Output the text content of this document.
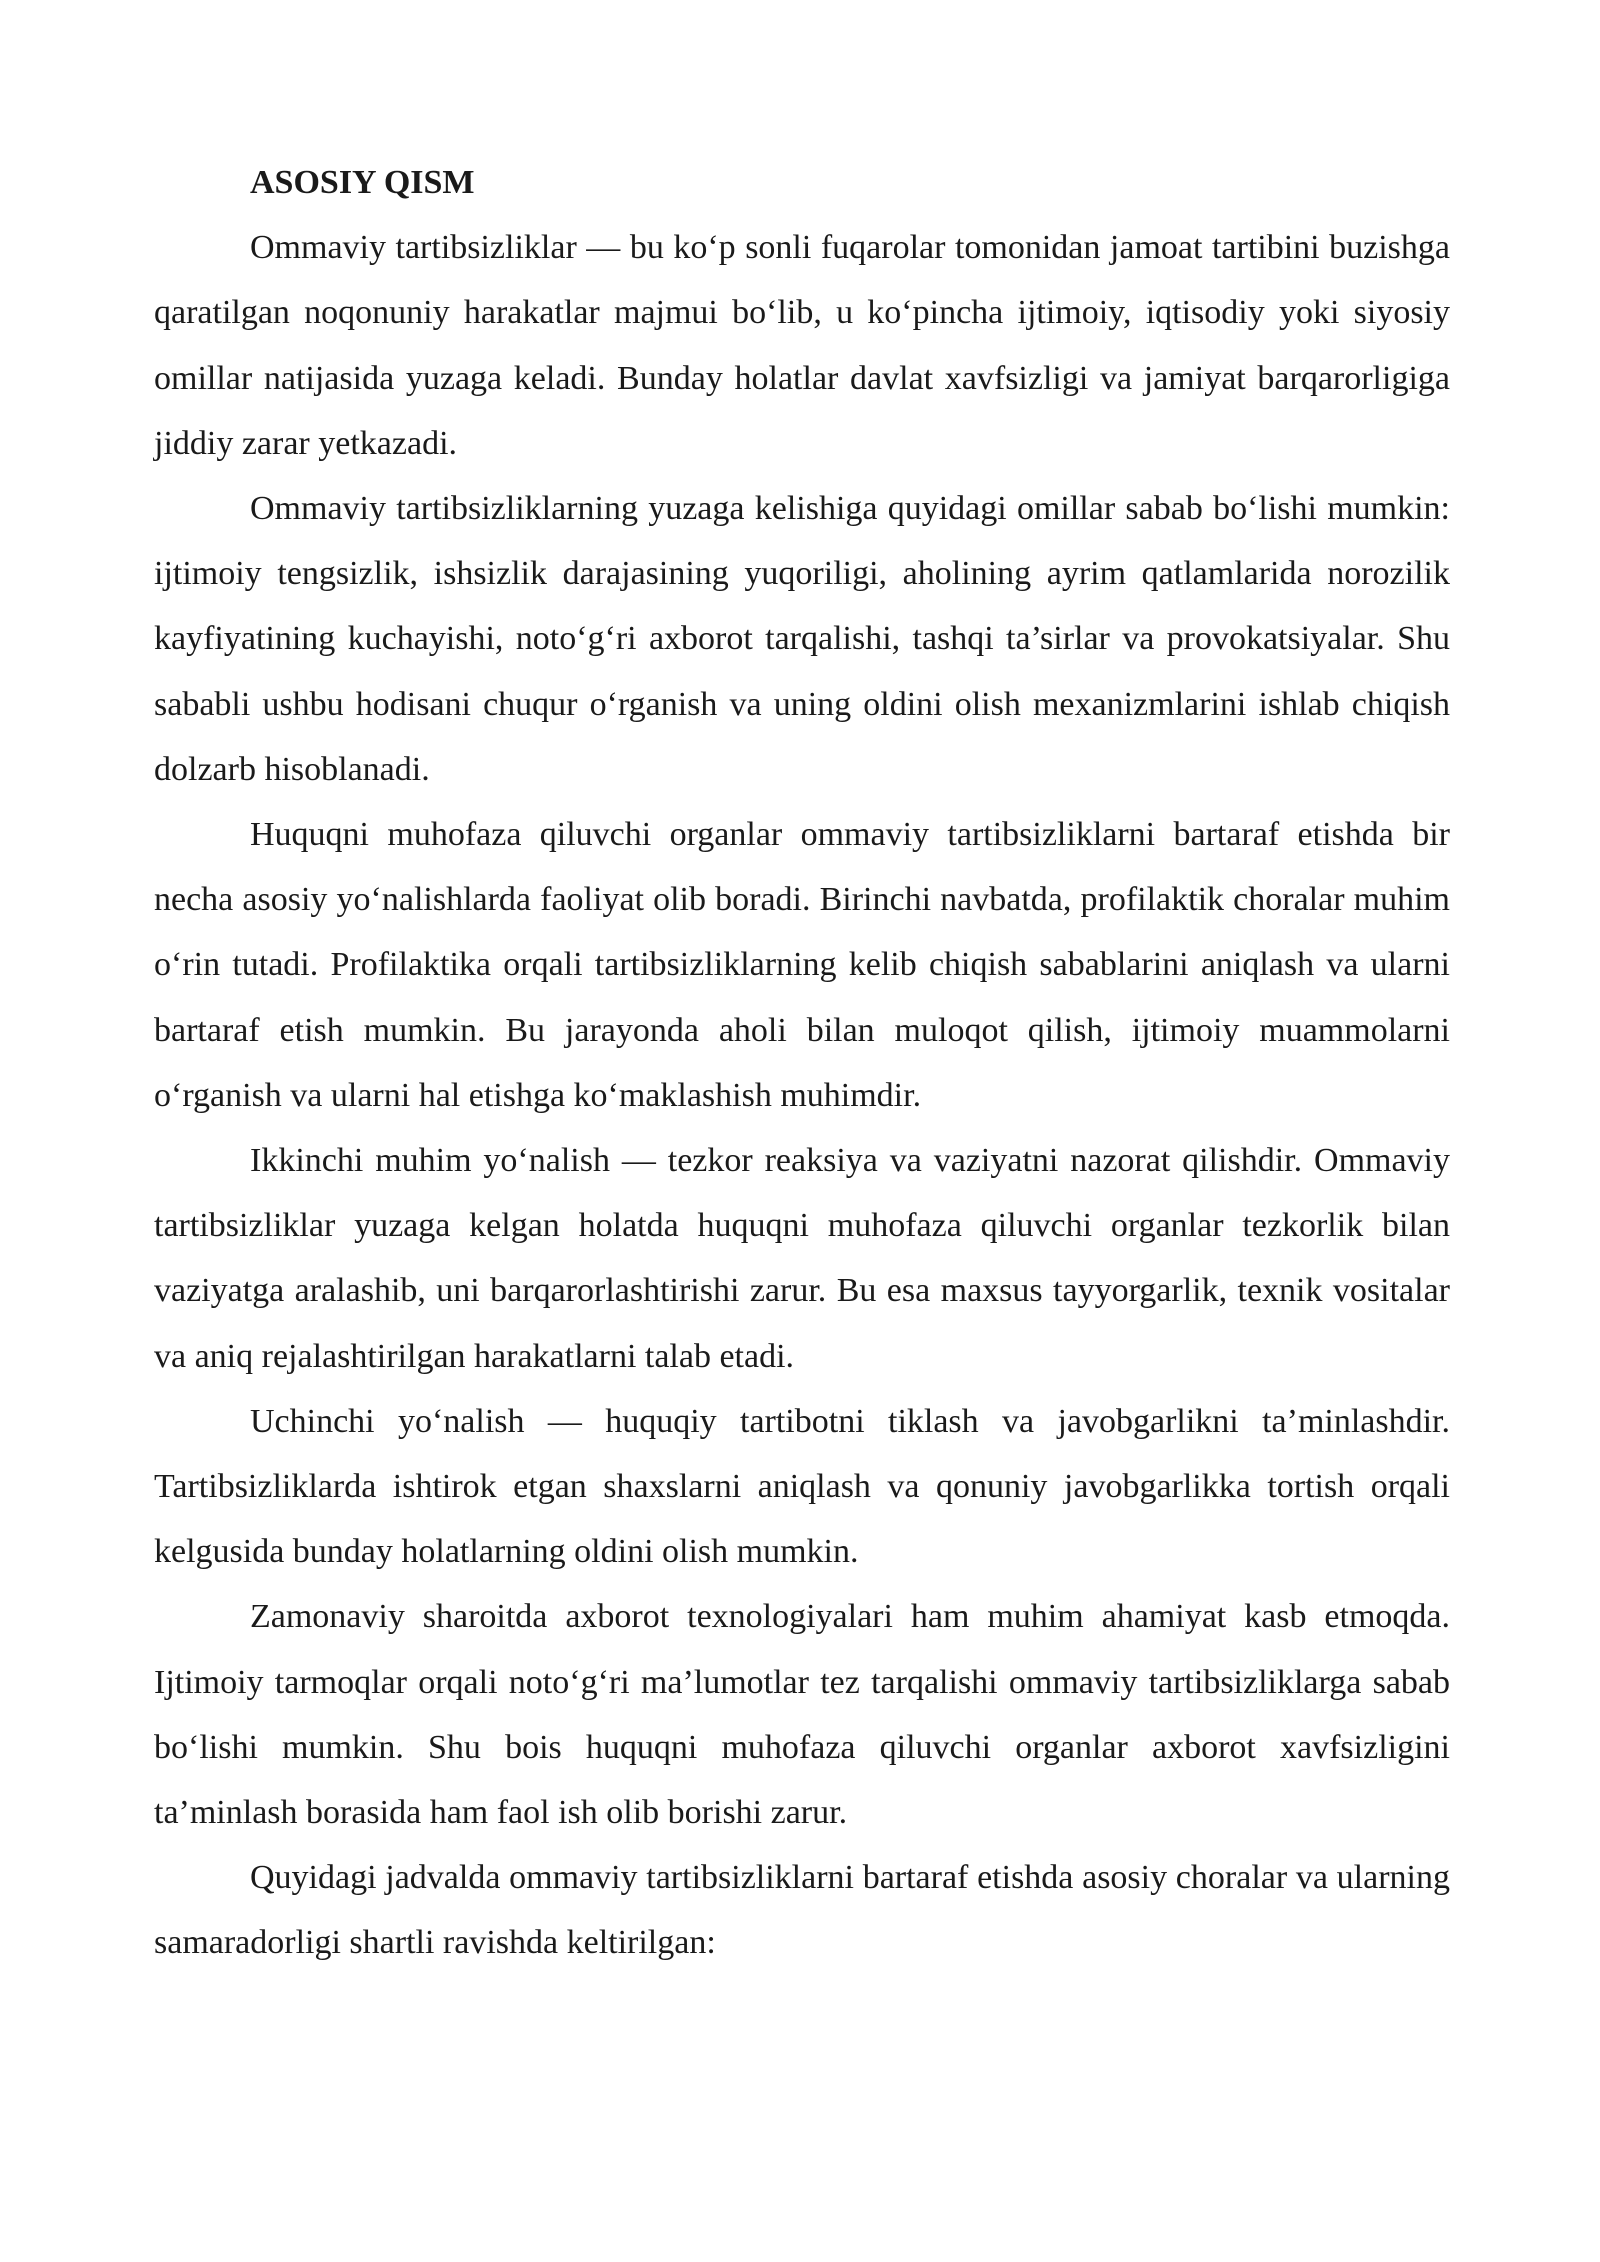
ASOSIY QISM

Ommaviy tartibsizliklar — bu ko‘p sonli fuqarolar tomonidan jamoat tartibini buzishga qaratilgan noqonuniy harakatlar majmui bo‘lib, u ko‘pincha ijtimoiy, iqtisodiy yoki siyosiy omillar natijasida yuzaga keladi. Bunday holatlar davlat xavfsizligi va jamiyat barqarorligiga jiddiy zarar yetkazadi.

Ommaviy tartibsizliklarning yuzaga kelishiga quyidagi omillar sabab bo‘lishi mumkin: ijtimoiy tengsizlik, ishsizlik darajasining yuqoriligi, aholining ayrim qatlamlarida norozilik kayfiyatining kuchayishi, noto‘g‘ri axborot tarqalishi, tashqi ta’sirlar va provokatsiyalar. Shu sababli ushbu hodisani chuqur o‘rganish va uning oldini olish mexanizmlarini ishlab chiqish dolzarb hisoblanadi.

Huquqni muhofaza qiluvchi organlar ommaviy tartibsizliklarni bartaraf etishda bir necha asosiy yo‘nalishlarda faoliyat olib boradi. Birinchi navbatda, profilaktik choralar muhim o‘rin tutadi. Profilaktika orqali tartibsizliklarning kelib chiqish sabablarini aniqlash va ularni bartaraf etish mumkin. Bu jarayonda aholi bilan muloqot qilish, ijtimoiy muammolarni o‘rganish va ularni hal etishga ko‘maklashish muhimdir.

Ikkinchi muhim yo‘nalish — tezkor reaksiya va vaziyatni nazorat qilishdir. Ommaviy tartibsizliklar yuzaga kelgan holatda huquqni muhofaza qiluvchi organlar tezkorlik bilan vaziyatga aralashib, uni barqarorlashtirishi zarur. Bu esa maxsus tayyorgarlik, texnik vositalar va aniq rejalashtirilgan harakatlarni talab etadi.

Uchinchi yo‘nalish — huquqiy tartibotni tiklash va javobgarlikni ta’minlashdir. Tartibsizliklarda ishtirok etgan shaxslarni aniqlash va qonuniy javobgarlikka tortish orqali kelgusida bunday holatlarning oldini olish mumkin.

Zamonaviy sharoitda axborot texnologiyalari ham muhim ahamiyat kasb etmoqda. Ijtimoiy tarmoqlar orqali noto‘g‘ri ma’lumotlar tez tarqalishi ommaviy tartibsizliklarga sabab bo‘lishi mumkin. Shu bois huquqni muhofaza qiluvchi organlar axborot xavfsizligini ta’minlash borasida ham faol ish olib borishi zarur.

Quyidagi jadvalda ommaviy tartibsizliklarni bartaraf etishda asosiy choralar va ularning samaradorligi shartli ravishda keltirilgan:
